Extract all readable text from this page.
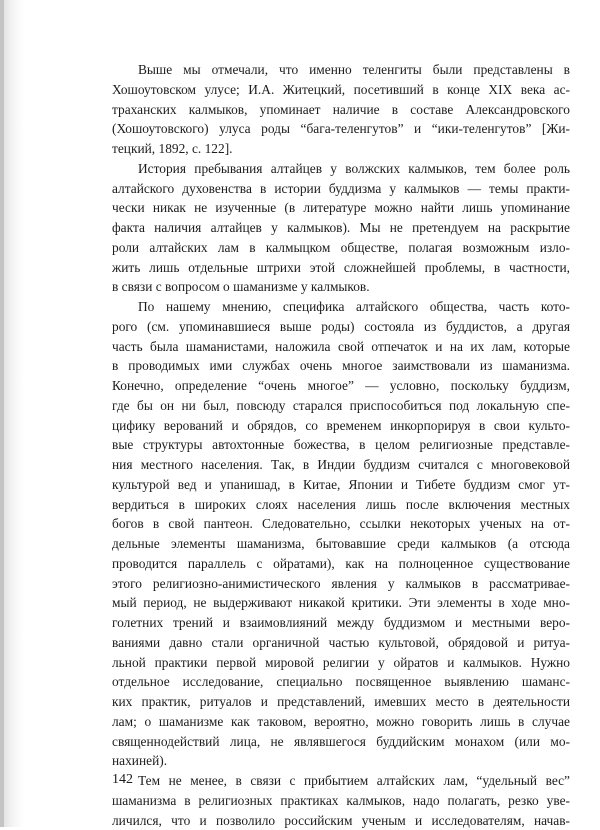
Выше мы отмечали, что именно теленгиты были представлены в
Хошоутовском улусе; И.А. Житецкий, посетивший в конце XIX века ас-
траханских калмыков, упоминает наличие в составе Александровского
(Хошоутовского) улуса роды “бага-теленгутов” и “ики-теленгутов” [Жи-
тецкий, 1892, с. 122].
История пребывания алтайцев у волжских калмыков, тем более роль
алтайского духовенства в истории буддизма у калмыков — темы практи-
чески никак не изученные (в литературе можно найти лишь упоминание
факта наличия алтайцев у калмыков). Мы не претендуем на раскрытие
роли алтайских лам в калмыцком обществе, полагая возможным изло-
жить лишь отдельные штрихи этой сложнейшей проблемы, в частности,
в связи с вопросом о шаманизме у калмыков.
По нашему мнению, специфика алтайского общества, часть кото-
рого (см. упоминавшиеся выше роды) состояла из буддистов, а другая
часть была шаманистами, наложила свой отпечаток и на их лам, которые
в проводимых ими службах очень многое заимствовали из шаманизма.
Конечно, определение “очень многое” — условно, поскольку буддизм,
где бы он ни был, повсюду старался приспособиться под локальную спе-
цифику верований и обрядов, со временем инкорпорируя в свои культо-
вые структуры автохтонные божества, в целом религиозные представле-
ния местного населения. Так, в Индии буддизм считался с многовековой
культурой вед и упанишад, в Китае, Японии и Тибете буддизм смог ут-
вердиться в широких слоях населения лишь после включения местных
богов в свой пантеон. Следовательно, ссылки некоторых ученых на от-
дельные элементы шаманизма, бытовавшие среди калмыков (а отсюда
проводится параллель с ойратами), как на полноценное существование
этого религиозно-анимистического явления у калмыков в рассматривае-
мый период, не выдерживают никакой критики. Эти элементы в ходе мно-
голетних трений и взаимовлияний между буддизмом и местными веро-
ваниями давно стали органичной частью культовой, обрядовой и ритуа-
льной практики первой мировой религии у ойратов и калмыков. Нужно
отдельное исследование, специально посвященное выявлению шаманс-
ких практик, ритуалов и представлений, имевших место в деятельности
лам; о шаманизме как таковом, вероятно, можно говорить лишь в случае
священнодействий лица, не являвшегося буддийским монахом (или мо-
нахиней).
Тем не менее, в связи с прибытием алтайских лам, “удельный вес”
шаманизма в религиозных практиках калмыков, надо полагать, резко уве-
личился, что и позволило российским ученым и исследователям, начав-
142
